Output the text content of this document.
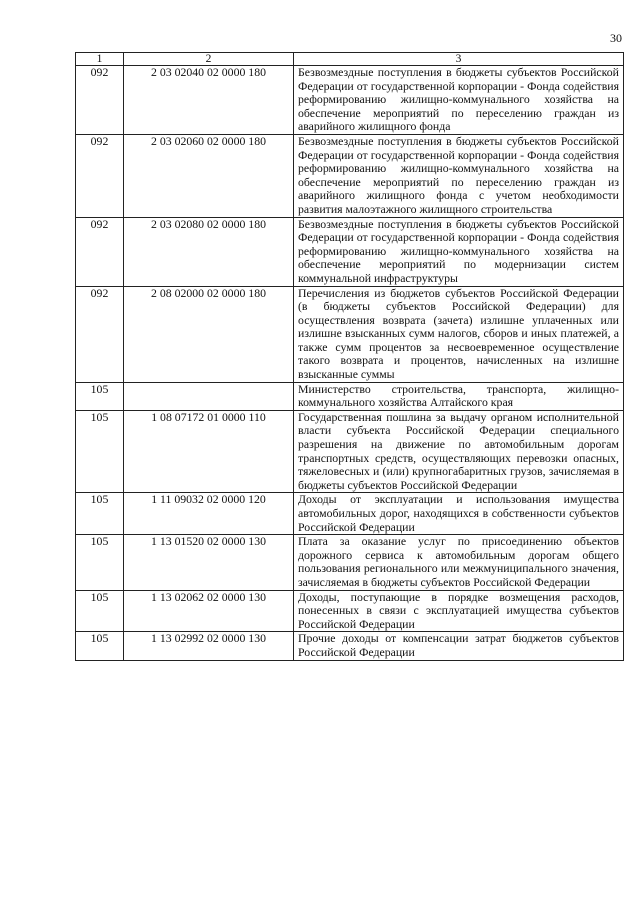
30
1	2	3
092	2 03 02040 02 0000 180	Безвозмездные поступления в бюджеты субъектов Российской Федерации от государственной корпорации - Фонда содействия реформированию жилищно-коммунального хозяйства на обеспечение мероприятий по переселению граждан из аварийного жилищного фонда
092	2 03 02060 02 0000 180	Безвозмездные поступления в бюджеты субъектов Российской Федерации от государственной корпорации - Фонда содействия реформированию жилищно-коммунального хозяйства на обеспечение мероприятий по переселению граждан из аварийного жилищного фонда с учетом необходимости развития малоэтажного жилищного строительства
092	2 03 02080 02 0000 180	Безвозмездные поступления в бюджеты субъектов Российской Федерации от государственной корпорации - Фонда содействия реформированию жилищно-коммунального хозяйства на обеспечение мероприятий по модернизации систем коммунальной инфраструктуры
092	2 08 02000 02 0000 180	Перечисления из бюджетов субъектов Российской Федерации (в бюджеты субъектов Российской Федерации) для осуществления возврата (зачета) излишне уплаченных или излишне взысканных сумм налогов, сборов и иных платежей, а также сумм процентов за несвоевременное осуществление такого возврата и процентов, начисленных на излишне взысканные суммы
105		Министерство строительства, транспорта, жилищно-коммунального хозяйства Алтайского края
105	1 08 07172 01 0000 110	Государственная пошлина за выдачу органом исполнительной власти субъекта Российской Федерации специального разрешения на движение по автомобильным дорогам транспортных средств, осуществляющих перевозки опасных, тяжеловесных и (или) крупногабаритных грузов, зачисляемая в бюджеты субъектов Российской Федерации
105	1 11 09032 02 0000 120	Доходы от эксплуатации и использования имущества автомобильных дорог, находящихся в собственности субъектов Российской Федерации
105	1 13 01520 02 0000 130	Плата за оказание услуг по присоединению объектов дорожного сервиса к автомобильным дорогам общего пользования регионального или межмуниципального значения, зачисляемая в бюджеты субъектов Российской Федерации
105	1 13 02062 02 0000 130	Доходы, поступающие в порядке возмещения расходов, понесенных в связи с эксплуатацией имущества субъектов Российской Федерации
105	1 13 02992 02 0000 130	Прочие доходы от компенсации затрат бюджетов субъектов Российской Федерации
